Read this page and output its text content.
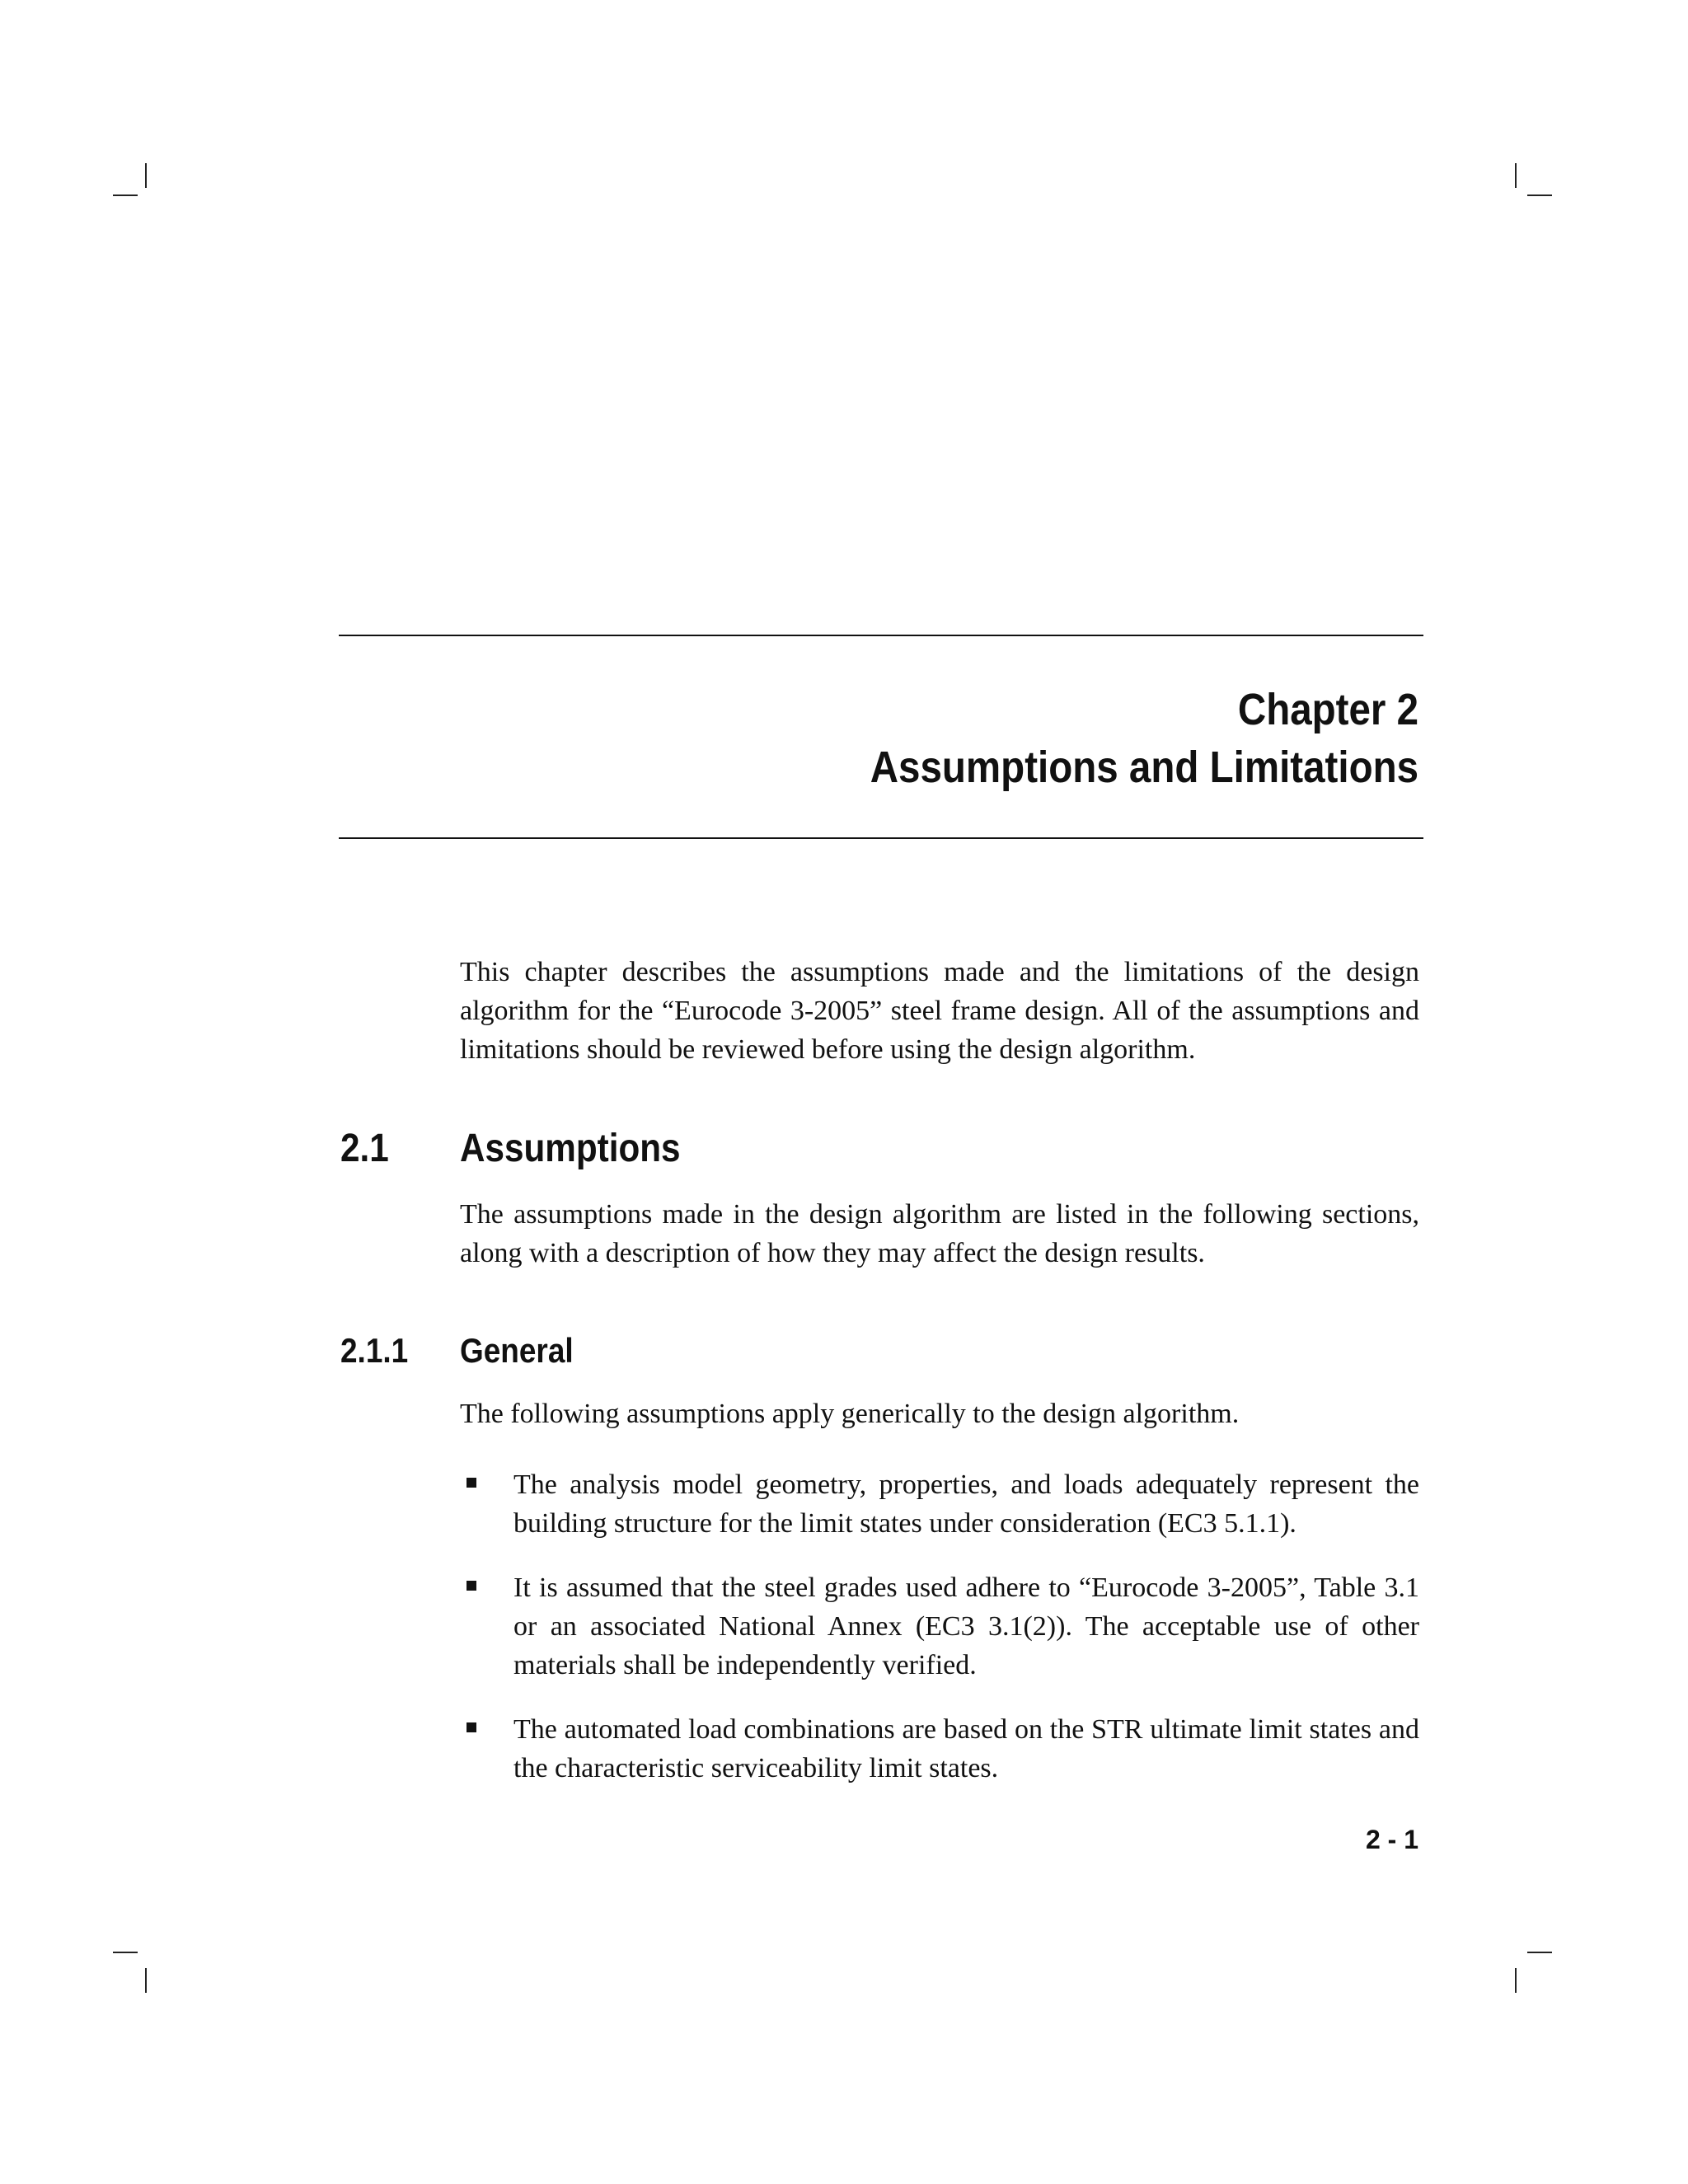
Chapter 2
Assumptions and Limitations

This chapter describes the assumptions made and the limitations of the design algorithm for the “Eurocode 3-2005” steel frame design. All of the assumptions and limitations should be reviewed before using the design algorithm.

2.1 Assumptions

The assumptions made in the design algorithm are listed in the following sections, along with a description of how they may affect the design results.

2.1.1 General

The following assumptions apply generically to the design algorithm.

The analysis model geometry, properties, and loads adequately represent the building structure for the limit states under consideration (EC3 5.1.1).
It is assumed that the steel grades used adhere to “Eurocode 3-2005”, Table 3.1 or an associated National Annex (EC3 3.1(2)). The acceptable use of other materials shall be independently verified.
The automated load combinations are based on the STR ultimate limit states and the characteristic serviceability limit states.
2 - 1
